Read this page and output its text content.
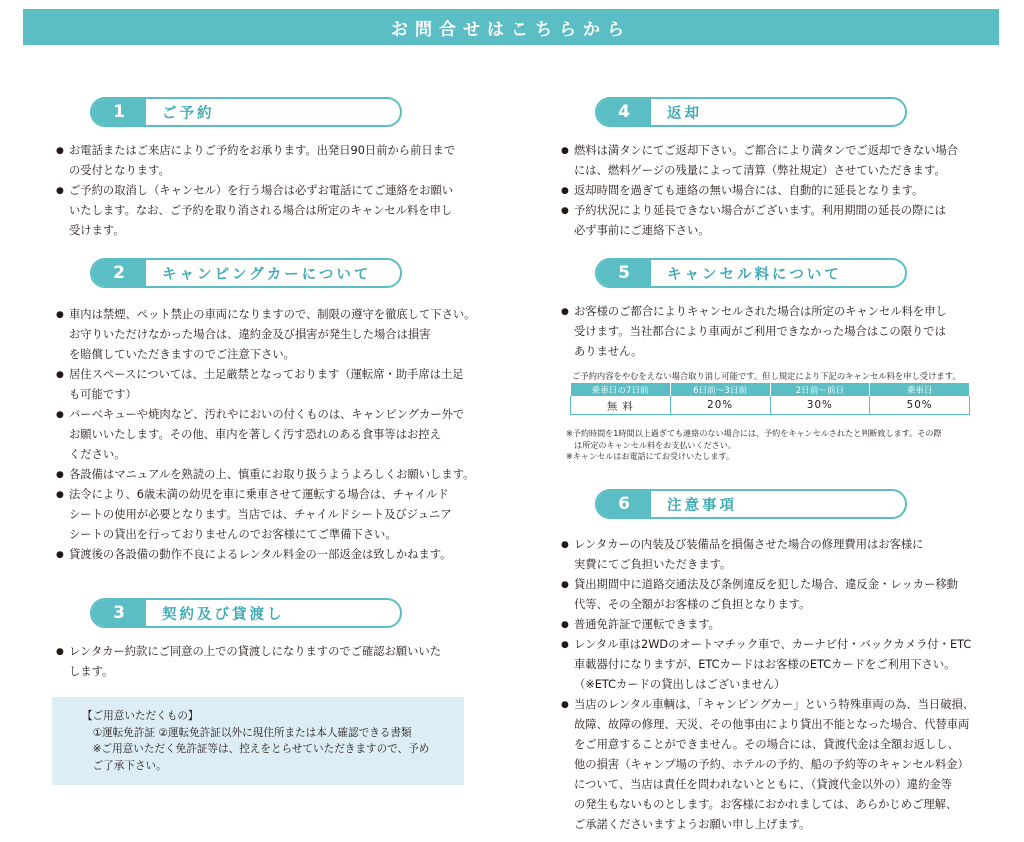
お問合せはこちらから
1	ご予約
● お電話またはご来店によりご予約をお承ります。出発日90日前から前日まで
の受付となります。
● ご予約の取消し（キャンセル）を行う場合は必ずお電話にてご連絡をお願い
いたします。なお、ご予約を取り消される場合は所定のキャンセル料を申し
受けます。
2	キャンピングカーについて
● 車内は禁煙、ペット禁止の車両になりますので、制限の遵守を徹底して下さい。
お守りいただけなかった場合は、違約金及び損害が発生した場合は損害
を賠償していただきますのでご注意下さい。
● 居住スペースについては、土足厳禁となっております（運転席・助手席は土足
も可能です）
● バーベキューや焼肉など、汚れやにおいの付くものは、キャンピングカー外で
お願いいたします。その他、車内を著しく汚す恐れのある食事等はお控え
ください。
● 各設備はマニュアルを熟読の上、慎重にお取り扱うようよろしくお願いします。
● 法令により、6歳未満の幼児を車に乗車させて運転する場合は、チャイルド
シートの使用が必要となります。当店では、チャイルドシート及びジュニア
シートの貸出を行っておりませんのでお客様にてご準備下さい。
● 貸渡後の各設備の動作不良によるレンタル料金の一部返金は致しかねます。
3	契約及び貸渡し
● レンタカー約款にご同意の上での貸渡しになりますのでご確認お願いいた
します。
【ご用意いただくもの】
　①運転免許証 ②運転免許証以外に現住所または本人確認できる書類
　※ご用意いただく免許証等は、控えをとらせていただきますので、予め
　ご了承下さい。
4	返却
● 燃料は満タンにてご返却下さい。ご都合により満タンでご返却できない場合
には、燃料ゲージの残量によって清算（弊社規定）させていただきます。
● 返却時間を過ぎても連絡の無い場合には、自動的に延長となります。
● 予約状況により延長できない場合がございます。利用期間の延長の際には
必ず事前にご連絡下さい。
5	キャンセル料について
● お客様のご都合によりキャンセルされた場合は所定のキャンセル料を申し
受けます。当社都合により車両がご利用できなかった場合はこの限りでは
ありません。
ご予約内容をやむをえない場合取り消し可能です。但し規定により下記のキャンセル料を申し受けます。
乗車日の7日前	6日前〜3日前	2日前〜前日	乗車日
無 料	20%	30%	50%
※予約時間を1時間以上過ぎても連絡のない場合には、予約をキャンセルされたと判断致します。その際
　は所定のキャンセル料をお支払いください。
※キャンセルはお電話にてお受けいたします。
6	注意事項
● レンタカーの内装及び装備品を損傷させた場合の修理費用はお客様に
実費にてご負担いただきます。
● 貸出期間中に道路交通法及び条例違反を犯した場合、違反金・レッカー移動
代等、その全額がお客様のご負担となります。
● 普通免許証で運転できます。
● レンタル車は2WDのオートマチック車で、カーナビ付・バックカメラ付・ETC
車載器付になりますが、ETCカードはお客様のETCカードをご利用下さい。
（※ETCカードの貸出しはございません）
● 当店のレンタル車輌は、「キャンピングカー」という特殊車両の為、当日破損、
故障、故障の修理、天災、その他事由により貸出不能となった場合、代替車両
をご用意することができません。その場合には、貸渡代金は全額お返しし、
他の損害（キャンプ場の予約、ホテルの予約、船の予約等のキャンセル料金）
について、当店は責任を問われないとともに、（貸渡代金以外の）違約金等
の発生もないものとします。お客様におかれましては、あらかじめご理解、
ご承諾くださいますようお願い申し上げます。
